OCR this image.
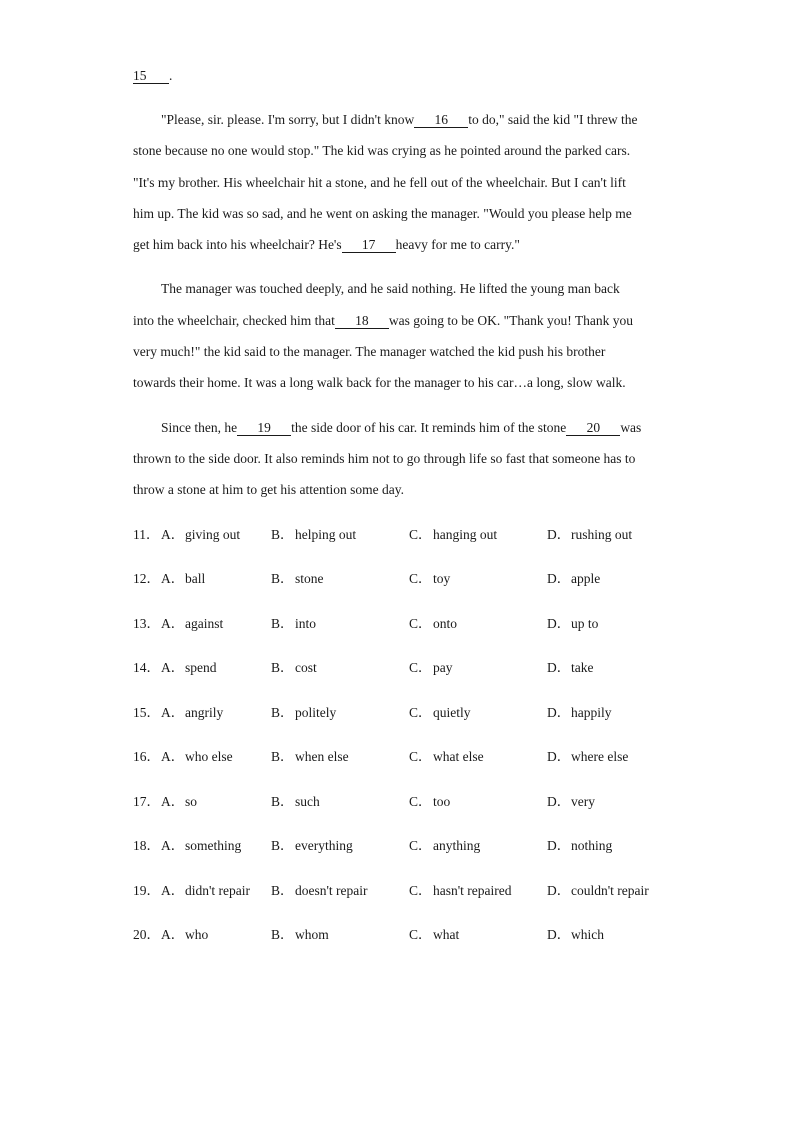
15 .
"Please, sir. please. I'm sorry, but I didn't know 16 to do," said the kid "I threw the
stone because no one would stop." The kid was crying as he pointed around the parked cars.
"It's my brother. His wheelchair hit a stone, and he fell out of the wheelchair. But I can't lift
him up. The kid was so sad, and he went on asking the manager. "Would you please help me
get him back into his wheelchair? He's 17 heavy for me to carry."
The manager was touched deeply, and he said nothing. He lifted the young man back
into the wheelchair, checked him that 18 was going to be OK. "Thank you! Thank you
very much!" the kid said to the manager. The manager watched the kid push his brother
towards their home. It was a long walk back for the manager to his car…a long, slow walk.
Since then, he 19 the side door of his car. It reminds him of the stone 20 was
thrown to the side door. It also reminds him not to go through life so fast that someone has to
throw a stone at him to get his attention some day.
11． A．giving out B．helping out	C．hanging out	D．rushing out
12． A．ball	B．stone	C．toy	D．apple
13． A．against	B．into	C．onto	D．up to
14． A．spend	B．cost	C．pay	D．take
15． A．angrily	B．politely	C．quietly	D．happily
16． A．who else	B．when else	C．what else	D．where else
17． A．so	B．such	C．too	D．very
18． A．something B．everything	C．anything	D．nothing
19． A．didn't repair B．doesn't repair	C．hasn't repaired	D．couldn't repair
20． A．who	B．whom	C．what	D．which
